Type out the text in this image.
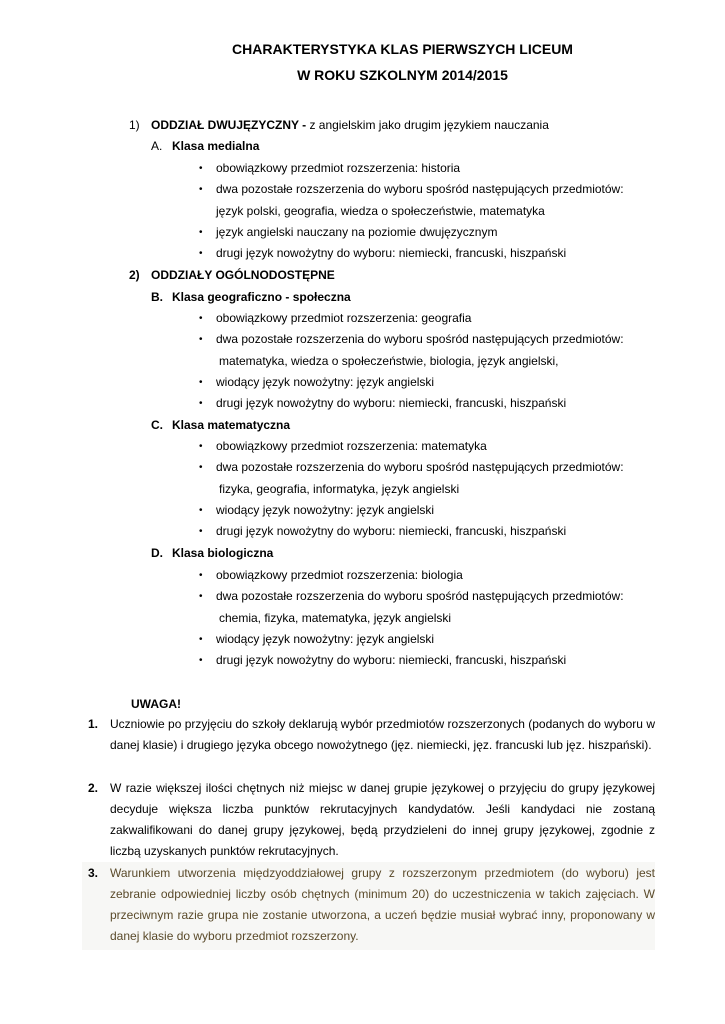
CHARAKTERYSTYKA KLAS PIERWSZYCH LICEUM
W ROKU SZKOLNYM 2014/2015
1) ODDZIAŁ DWUJĘZYCZNY - z angielskim jako drugim językiem nauczania
A. Klasa medialna
• obowiązkowy przedmiot rozszerzenia: historia
• dwa pozostałe rozszerzenia do wyboru spośród następujących przedmiotów:
język polski, geografia, wiedza o społeczeństwie, matematyka
• język angielski nauczany na poziomie dwujęzycznym
• drugi język nowożytny do wyboru: niemiecki, francuski, hiszpański
2) ODDZIAŁY OGÓLNODOSTĘPNE
B. Klasa geograficzno - społeczna
• obowiązkowy przedmiot rozszerzenia: geografia
• dwa pozostałe rozszerzenia do wyboru spośród następujących przedmiotów:
matematyka, wiedza o społeczeństwie, biologia, język angielski,
• wiodący język nowożytny: język angielski
• drugi język nowożytny do wyboru: niemiecki, francuski, hiszpański
C. Klasa matematyczna
• obowiązkowy przedmiot rozszerzenia: matematyka
• dwa pozostałe rozszerzenia do wyboru spośród następujących przedmiotów:
fizyka, geografia, informatyka, język angielski
• wiodący język nowożytny: język angielski
• drugi język nowożytny do wyboru: niemiecki, francuski, hiszpański
D. Klasa biologiczna
• obowiązkowy przedmiot rozszerzenia: biologia
• dwa pozostałe rozszerzenia do wyboru spośród następujących przedmiotów:
chemia, fizyka, matematyka, język angielski
• wiodący język nowożytny: język angielski
• drugi język nowożytny do wyboru: niemiecki, francuski, hiszpański
UWAGA!
1. Uczniowie po przyjęciu do szkoły deklarują wybór przedmiotów rozszerzonych (podanych do wyboru w danej klasie) i drugiego języka obcego nowożytnego (jęz. niemiecki, jęz. francuski lub jęz. hiszpański).
2. W razie większej ilości chętnych niż miejsc w danej grupie językowej o przyjęciu do grupy językowej decyduje większa liczba punktów rekrutacyjnych kandydatów. Jeśli kandydaci nie zostaną zakwalifikowani do danej grupy językowej, będą przydzieleni do innej grupy językowej, zgodnie z liczbą uzyskanych punktów rekrutacyjnych.
3. Warunkiem utworzenia międzyoddziałowej grupy z rozszerzonym przedmiotem (do wyboru) jest zebranie odpowiedniej liczby osób chętnych (minimum 20) do uczestniczenia w takich zajęciach. W przeciwnym razie grupa nie zostanie utworzona, a uczeń będzie musiał wybrać inny, proponowany w danej klasie do wyboru przedmiot rozszerzony.
